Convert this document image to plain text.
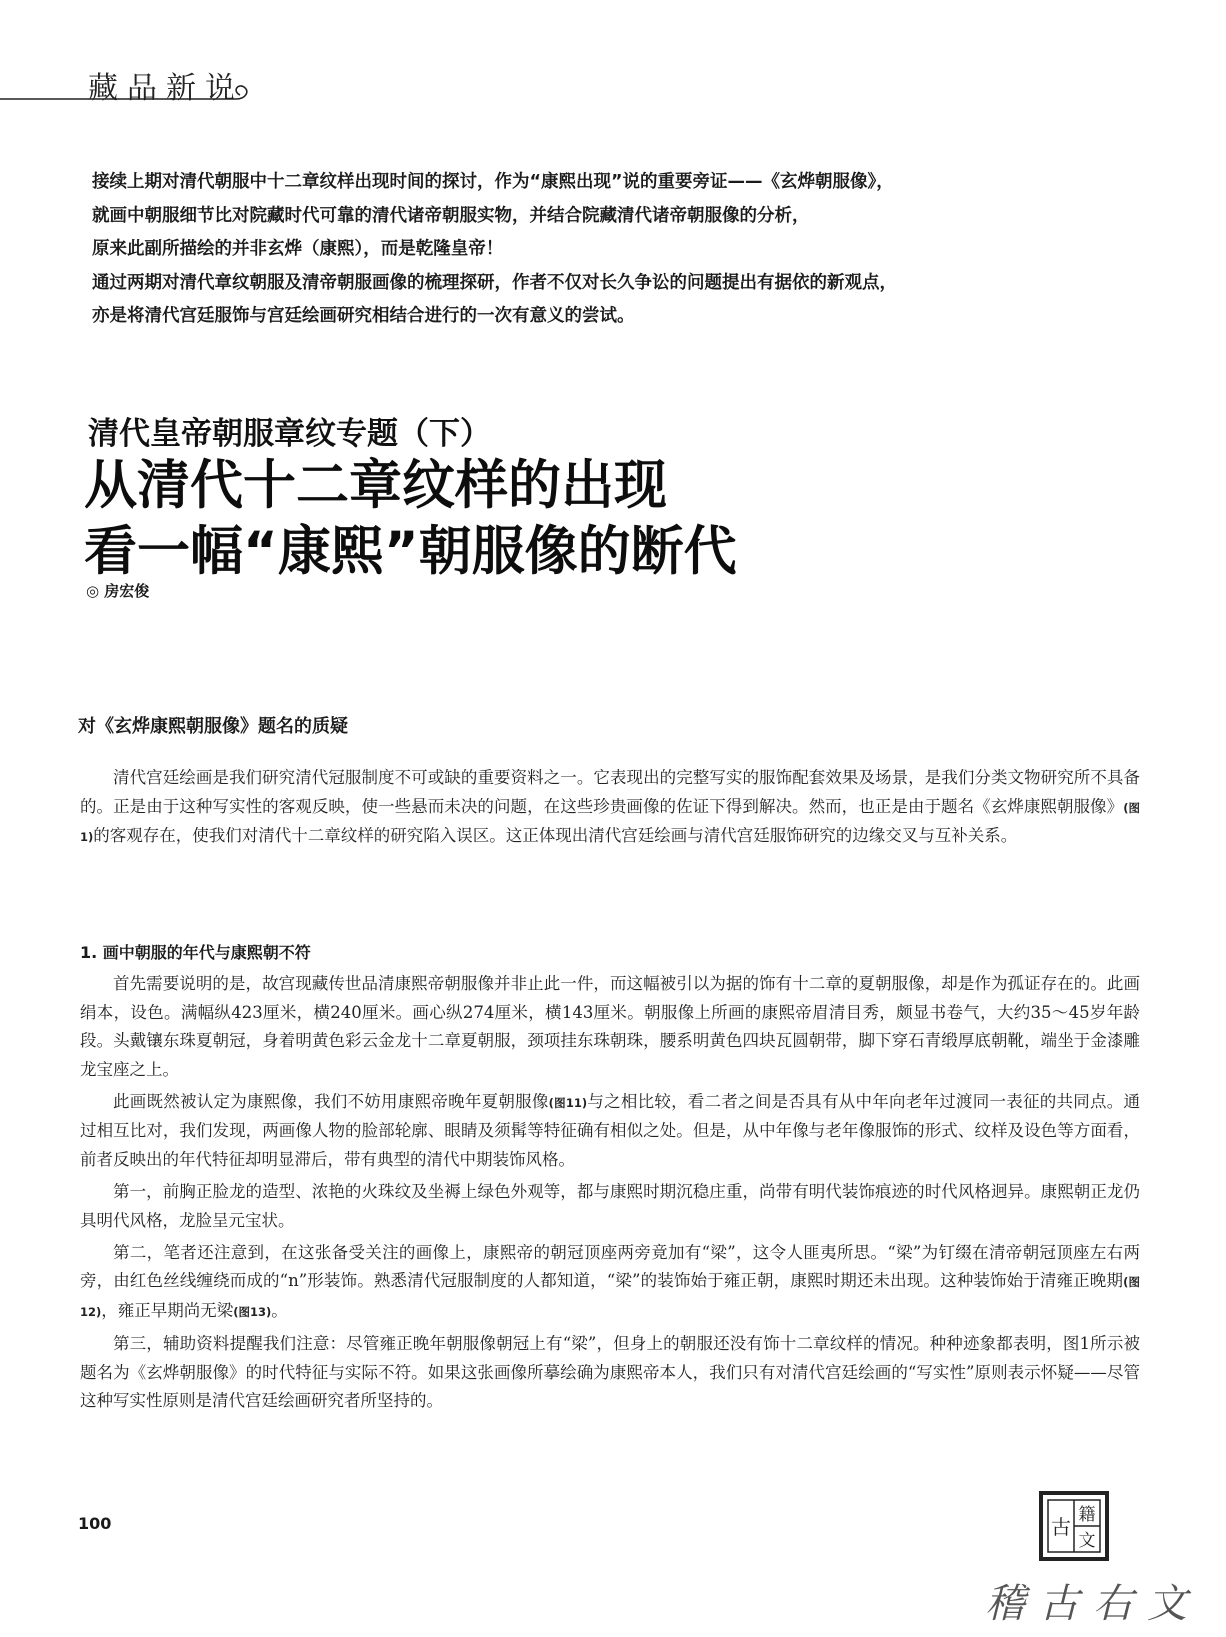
藏品新说

接续上期对清代朝服中十二章纹样出现时间的探讨，作为“康熙出现”说的重要旁证——《玄烨朝服像》，

就画中朝服细节比对院藏时代可靠的清代诸帝朝服实物，并结合院藏清代诸帝朝服像的分析，

原来此副所描绘的并非玄烨（康熙），而是乾隆皇帝！

通过两期对清代章纹朝服及清帝朝服画像的梳理探研，作者不仅对长久争讼的问题提出有据依的新观点，

亦是将清代宫廷服饰与宫廷绘画研究相结合进行的一次有意义的尝试。

清代皇帝朝服章纹专题（下）
从清代十二章纹样的出现
看一幅“康熙”朝服像的断代
◎ 房宏俊
对《玄烨康熙朝服像》题名的质疑
清代宫廷绘画是我们研究清代冠服制度不可或缺的重要资料之一。它表现出的完整写实的服饰配套效果及场景，是我们分类文物研究所不具备的。正是由于这种写实性的客观反映，使一些悬而未决的问题，在这些珍贵画像的佐证下得到解决。然而，也正是由于题名《玄烨康熙朝服像》(图1)的客观存在，使我们对清代十二章纹样的研究陷入误区。这正体现出清代宫廷绘画与清代宫廷服饰研究的边缘交叉与互补关系。
1. 画中朝服的年代与康熙朝不符

首先需要说明的是，故宫现藏传世品清康熙帝朝服像并非止此一件，而这幅被引以为据的饰有十二章的夏朝服像，却是作为孤证存在的。此画绢本，设色。满幅纵423厘米，横240厘米。画心纵274厘米，横143厘米。朝服像上所画的康熙帝眉清目秀，颇显书卷气，大约35～45岁年龄段。头戴镶东珠夏朝冠，身着明黄色彩云金龙十二章夏朝服，颈项挂东珠朝珠，腰系明黄色四块瓦圆朝带，脚下穿石青缎厚底朝靴，端坐于金漆雕龙宝座之上。

此画既然被认定为康熙像，我们不妨用康熙帝晚年夏朝服像(图11)与之相比较，看二者之间是否具有从中年向老年过渡同一表征的共同点。通过相互比对，我们发现，两画像人物的脸部轮廓、眼睛及须髯等特征确有相似之处。但是，从中年像与老年像服饰的形式、纹样及设色等方面看，前者反映出的年代特征却明显滞后，带有典型的清代中期装饰风格。

第一，前胸正脸龙的造型、浓艳的火珠纹及坐褥上绿色外观等，都与康熙时期沉稳庄重，尚带有明代装饰痕迹的时代风格迥异。康熙朝正龙仍具明代风格，龙脸呈元宝状。

第二，笔者还注意到，在这张备受关注的画像上，康熙帝的朝冠顶座两旁竟加有“梁”，这令人匪夷所思。“梁”为钉缀在清帝朝冠顶座左右两旁，由红色丝线缠绕而成的“n”形装饰。熟悉清代冠服制度的人都知道，“梁”的装饰始于雍正朝，康熙时期还未出现。这种装饰始于清雍正晚期(图12)，雍正早期尚无梁(图13)。

第三，辅助资料提醒我们注意：尽管雍正晚年朝服像朝冠上有“梁”，但身上的朝服还没有饰十二章纹样的情况。种种迹象都表明，图1所示被题名为《玄烨朝服像》的时代特征与实际不符。如果这张画像所摹绘确为康熙帝本人，我们只有对清代宫廷绘画的“写实性”原则表示怀疑——尽管这种写实性原则是清代宫廷绘画研究者所坚持的。

100	古 籍
文
稽古右文
